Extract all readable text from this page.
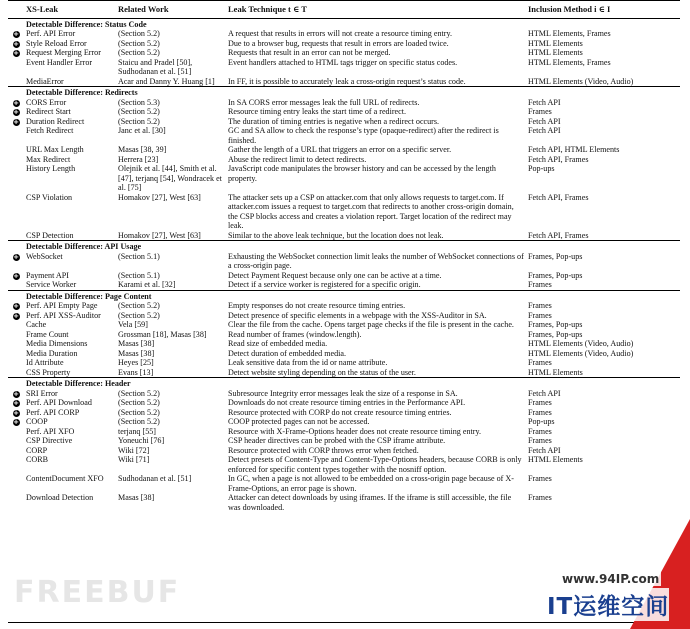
	XS-Leak	Related Work	Leak Technique t ∈ T	Inclusion Method i ∈ I
	Detectable Difference: Status Code			
+	Perf. API Error	(Section 5.2)	A request that results in errors will not create a resource timing entry.	HTML Elements, Frames
+	Style Reload Error	(Section 5.2)	Due to a browser bug, requests that result in errors are loaded twice.	HTML Elements
+	Request Merging Error	(Section 5.2)	Requests that result in an error can not be merged.	HTML Elements
	Event Handler Error	Staicu and Pradel [50], Sudhodanan et al. [51]	Event handlers attached to HTML tags trigger on specific status codes.	HTML Elements, Frames
	MediaError	Acar and Danny Y. Huang [1]	In FF, it is possible to accurately leak a cross-origin request’s status code.	HTML Elements (Video, Audio)
	Detectable Difference: Redirects			
+	CORS Error	(Section 5.3)	In SA CORS error messages leak the full URL of redirects.	Fetch API
+	Redirect Start	(Section 5.2)	Resource timing entry leaks the start time of a redirect.	Frames
+	Duration Redirect	(Section 5.2)	The duration of timing entries is negative when a redirect occurs.	Fetch API
	Fetch Redirect	Janc et al. [30]	GC and SA allow to check the response’s type (opaque-redirect) after the redirect is finished.	Fetch API
	URL Max Length	Masas [38, 39]	Gather the length of a URL that triggers an error on a specific server.	Fetch API, HTML Elements
	Max Redirect	Herrera [23]	Abuse the redirect limit to detect redirects.	Fetch API, Frames
	History Length	Olejnik et al. [44], Smith et al. [47], terjanq [54], Wondracek et al. [75]	JavaScript code manipulates the browser history and can be accessed by the length property.	Pop-ups
	CSP Violation	Homakov [27], West [63]	The attacker sets up a CSP on attacker.com that only allows requests to target.com. If attacker.com issues a request to target.com that redirects to another cross-origin domain, the CSP blocks access and creates a violation report. Target location of the redirect may leak.	Fetch API, Frames
	CSP Detection	Homakov [27], West [63]	Similar to the above leak technique, but the location does not leak.	Fetch API, Frames
	Detectable Difference: API Usage			
+	WebSocket	(Section 5.1)	Exhausting the WebSocket connection limit leaks the number of WebSocket connections of a cross-origin page.	Frames, Pop-ups
+	Payment API	(Section 5.1)	Detect Payment Request because only one can be active at a time.	Frames, Pop-ups
	Service Worker	Karami et al. [32]	Detect if a service worker is registered for a specific origin.	Frames
	Detectable Difference: Page Content			
+	Perf. API Empty Page	(Section 5.2)	Empty responses do not create resource timing entries.	Frames
+	Perf. API XSS-Auditor	(Section 5.2)	Detect presence of specific elements in a webpage with the XSS-Auditor in SA.	Frames
	Cache	Vela [59]	Clear the file from the cache. Opens target page checks if the file is present in the cache.	Frames, Pop-ups
	Frame Count	Grossman [18], Masas [38]	Read number of frames (window.length).	Frames, Pop-ups
	Media Dimensions	Masas [38]	Read size of embedded media.	HTML Elements (Video, Audio)
	Media Duration	Masas [38]	Detect duration of embedded media.	HTML Elements (Video, Audio)
	Id Attribute	Heyes [25]	Leak sensitive data from the id or name attribute.	Frames
	CSS Property	Evans [13]	Detect website styling depending on the status of the user.	HTML Elements
	Detectable Difference: Header			
+	SRI Error	(Section 5.2)	Subresource Integrity error messages leak the size of a response in SA.	Fetch API
+	Perf. API Download	(Section 5.2)	Downloads do not create resource timing entries in the Performance API.	Frames
+	Perf. API CORP	(Section 5.2)	Resource protected with CORP do not create resource timing entries.	Frames
+	COOP	(Section 5.2)	COOP protected pages can not be accessed.	Pop-ups
	Perf. API XFO	terjanq [55]	Resource with X-Frame-Options header does not create resource timing entry.	Frames
	CSP Directive	Yoneuchi [76]	CSP header directives can be probed with the CSP iframe attribute.	Frames
	CORP	Wiki [72]	Resource protected with CORP throws error when fetched.	Fetch API
	CORB	Wiki [71]	Detect presets of Content-Type and Content-Type-Options headers, because CORB is only enforced for specific content types together with the nosniff option.	HTML Elements
	ContentDocument XFO	Sudhodanan et al. [51]	In GC, when a page is not allowed to be embedded on a cross-origin page because of X-Frame-Options, an error page is shown.	Frames
	Download Detection	Masas [38]	Attacker can detect downloads by using iframes. If the iframe is still accessible, the file was downloaded.	Frames
FREEBUF	www.94IP.com
IT运维空间
